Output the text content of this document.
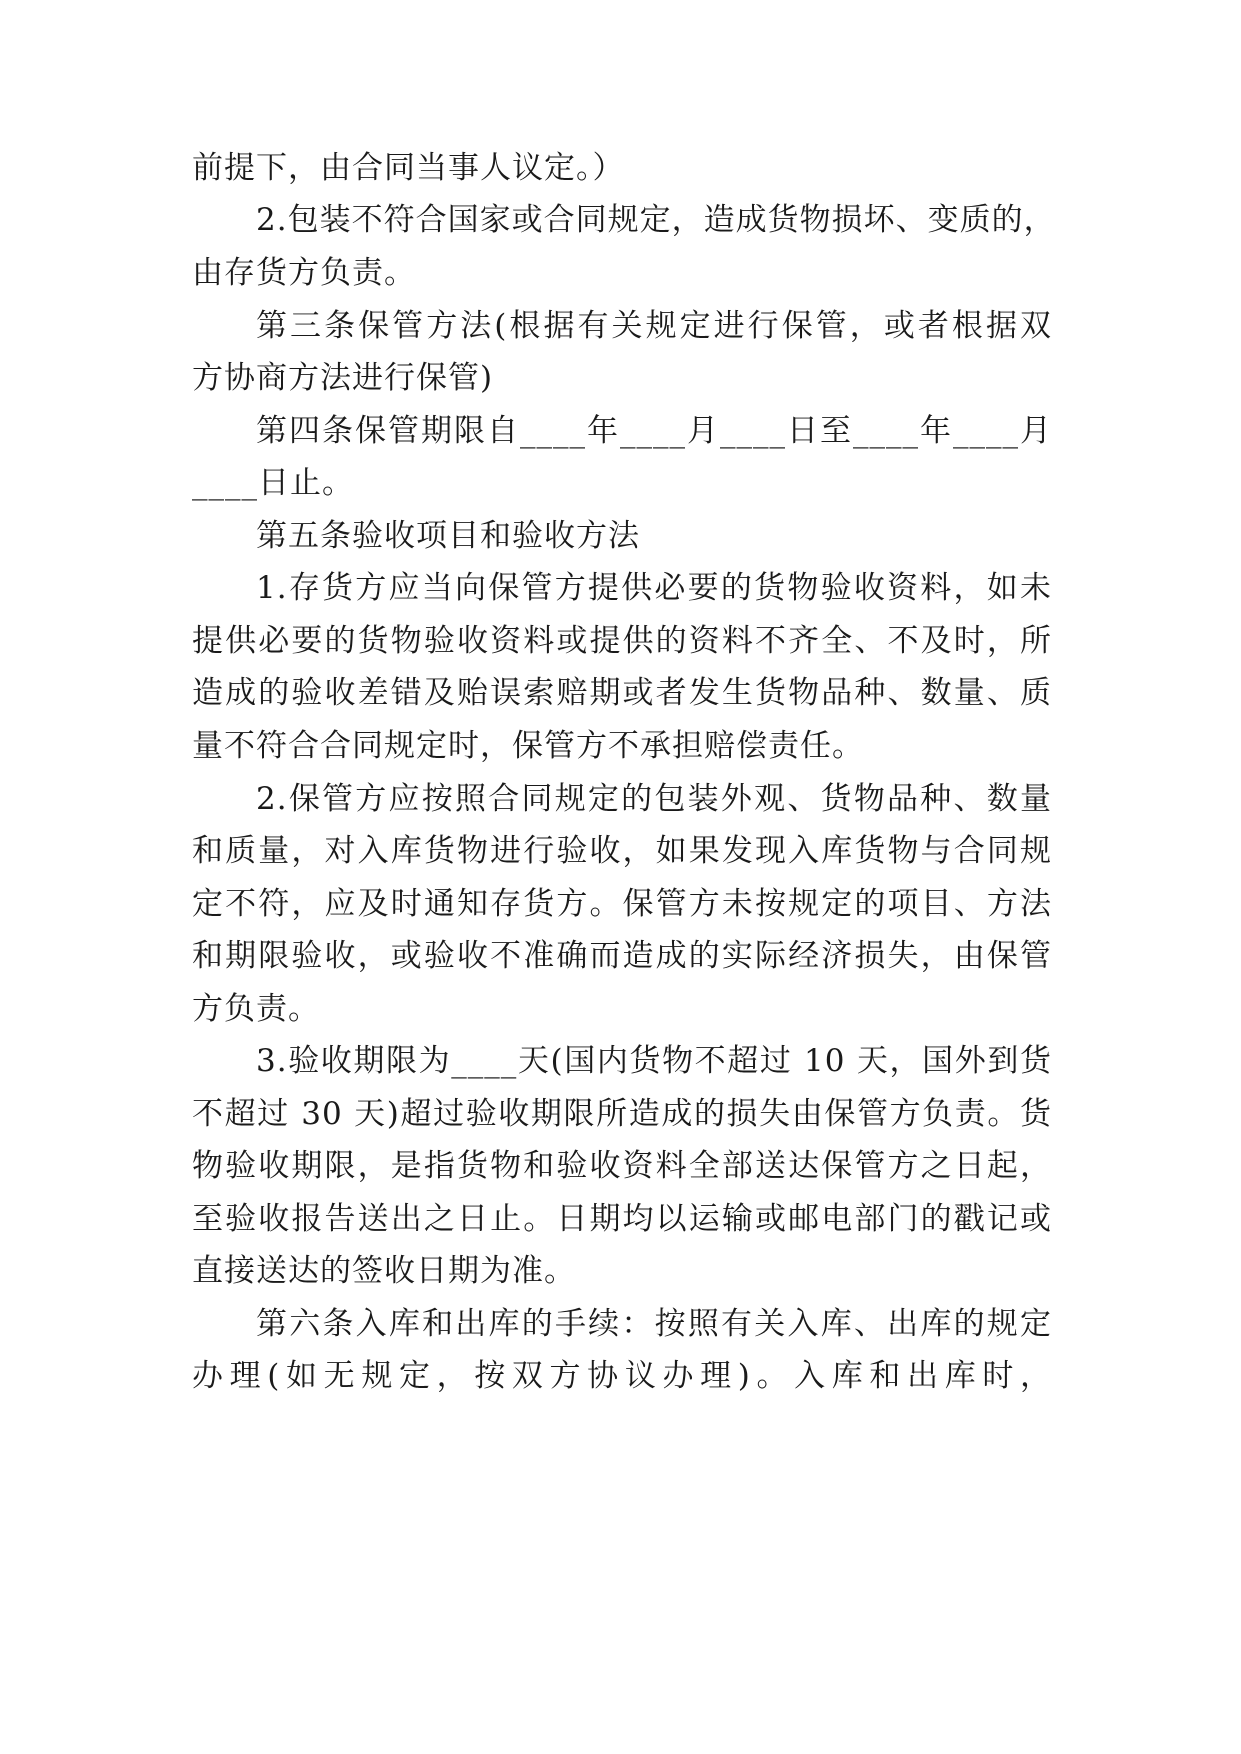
前提下，由合同当事人议定。）
2.包装不符合国家或合同规定，造成货物损坏、变质的，
由存货方负责。
第三条保管方法(根据有关规定进行保管，或者根据双
方协商方法进行保管)
第四条保管期限自____年____月____日至____年____月
____日止。
第五条验收项目和验收方法
1.存货方应当向保管方提供必要的货物验收资料，如未
提供必要的货物验收资料或提供的资料不齐全、不及时，所
造成的验收差错及贻误索赔期或者发生货物品种、数量、质
量不符合合同规定时，保管方不承担赔偿责任。
2.保管方应按照合同规定的包装外观、货物品种、数量
和质量，对入库货物进行验收，如果发现入库货物与合同规
定不符，应及时通知存货方。保管方未按规定的项目、方法
和期限验收，或验收不准确而造成的实际经济损失，由保管
方负责。
3.验收期限为____天(国内货物不超过 10 天，国外到货
不超过 30 天)超过验收期限所造成的损失由保管方负责。货
物验收期限，是指货物和验收资料全部送达保管方之日起，
至验收报告送出之日止。日期均以运输或邮电部门的戳记或
直接送达的签收日期为准。
第六条入库和出库的手续：按照有关入库、出库的规定
办理(如无规定，按双方协议办理)。入库和出库时，
